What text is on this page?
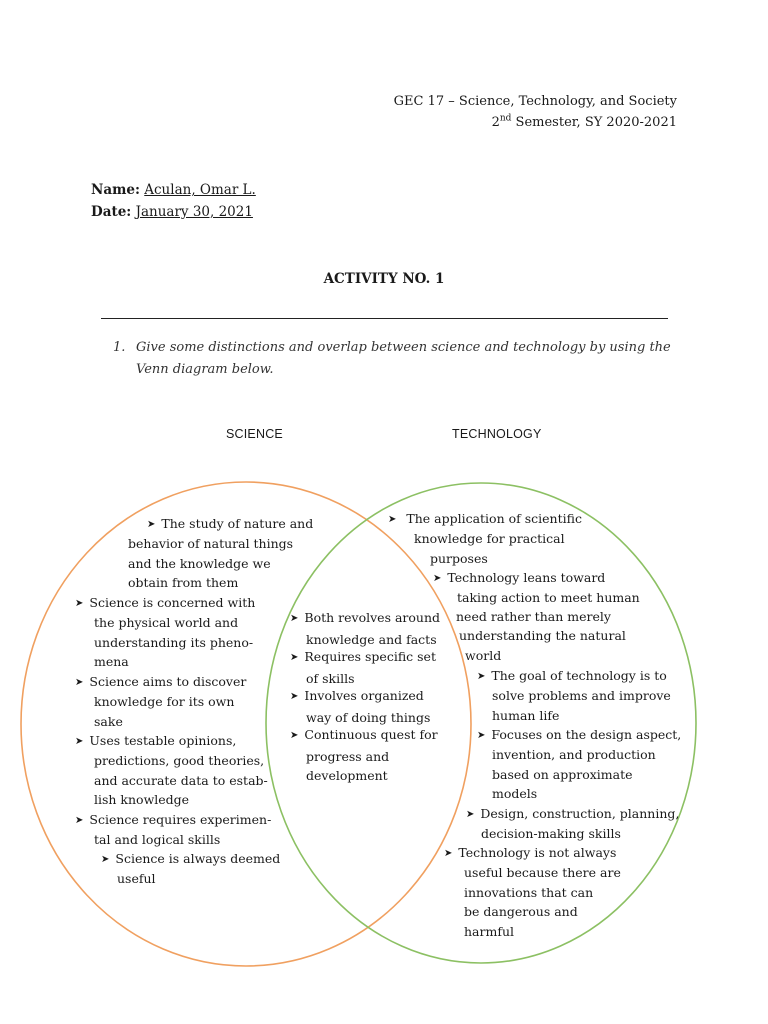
GEC 17 – Science, Technology, and Society
2nd Semester, SY 2020-2021
Name: Aculan, Omar L.
Date: January 30, 2021
ACTIVITY NO. 1
1. Give some distinctions and overlap between science and technology by using the Venn diagram below.
SCIENCE	TECHNOLOGY
➤ The study of nature and
behavior of natural things
and the knowledge we
obtain from them
➤ Science is concerned with
the physical world and
understanding its pheno-
mena
➤ Science aims to discover
knowledge for its own
sake
➤ Uses testable opinions,
predictions, good theories,
and accurate data to estab-
lish knowledge
➤ Science requires experimen-
tal and logical skills
➤ Science is always deemed
useful
➤ Both revolves around
knowledge and facts
➤ Requires specific set
of skills
➤ Involves organized
way of doing things
➤ Continuous quest for
progress and
development
➤ The application of scientific
knowledge for practical
purposes
➤ Technology leans toward
taking action to meet human
need rather than merely
understanding the natural
world
➤ The goal of technology is to
solve problems and improve
human life
➤ Focuses on the design aspect,
invention, and production
based on approximate
models
➤ Design, construction, planning,
decision-making skills
➤ Technology is not always
useful because there are
innovations that can
be dangerous and
harmful
